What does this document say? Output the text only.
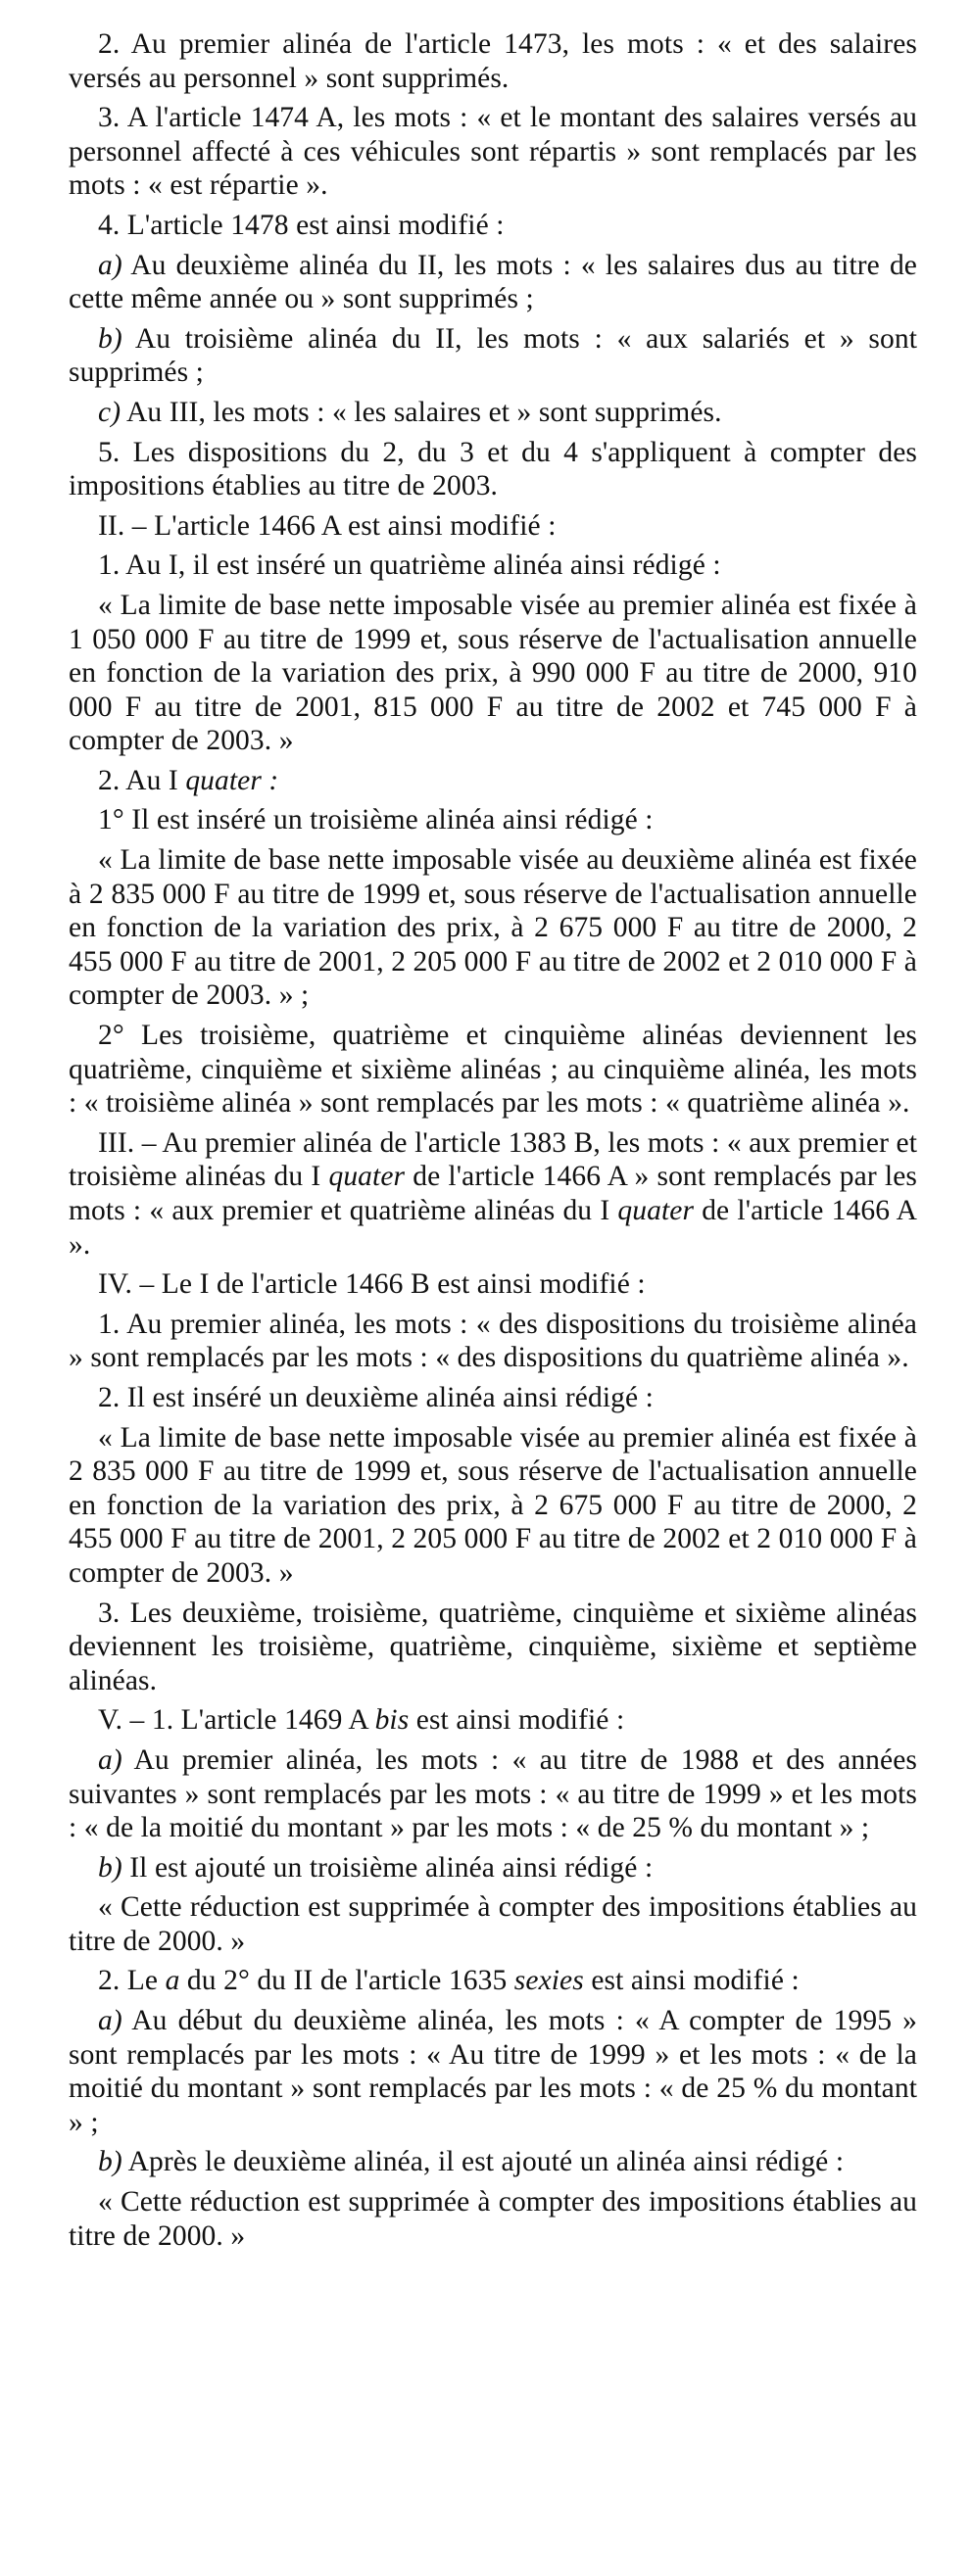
2. Au premier alinéa de l'article 1473, les mots : « et des salaires versés au personnel » sont supprimés.

3. A l'article 1474 A, les mots : « et le montant des salaires versés au personnel affecté à ces véhicules sont répartis » sont remplacés par les mots : « est répartie ».

4. L'article 1478 est ainsi modifié :

a) Au deuxième alinéa du II, les mots : « les salaires dus au titre de cette même année ou » sont supprimés ;

b) Au troisième alinéa du II, les mots : « aux salariés et » sont supprimés ;

c) Au III, les mots : « les salaires et » sont supprimés.

5. Les dispositions du 2, du 3 et du 4 s'appliquent à compter des impositions établies au titre de 2003.

II. – L'article 1466 A est ainsi modifié :

1. Au I, il est inséré un quatrième alinéa ainsi rédigé :

« La limite de base nette imposable visée au premier alinéa est fixée à 1 050 000 F au titre de 1999 et, sous réserve de l'actualisation annuelle en fonction de la variation des prix, à 990 000 F au titre de 2000, 910 000 F au titre de 2001, 815 000 F au titre de 2002 et 745 000 F à compter de 2003. »

2. Au I quater :

1° Il est inséré un troisième alinéa ainsi rédigé :

« La limite de base nette imposable visée au deuxième alinéa est fixée à 2 835 000 F au titre de 1999 et, sous réserve de l'actualisation annuelle en fonction de la variation des prix, à 2 675 000 F au titre de 2000, 2 455 000 F au titre de 2001, 2 205 000 F au titre de 2002 et 2 010 000 F à compter de 2003. » ;

2° Les troisième, quatrième et cinquième alinéas deviennent les quatrième, cinquième et sixième alinéas ; au cinquième alinéa, les mots : « troisième alinéa » sont remplacés par les mots : « quatrième alinéa ».

III. – Au premier alinéa de l'article 1383 B, les mots : « aux premier et troisième alinéas du I quater de l'article 1466 A » sont remplacés par les mots : « aux premier et quatrième alinéas du I quater de l'article 1466 A ».

IV. – Le I de l'article 1466 B est ainsi modifié :

1. Au premier alinéa, les mots : « des dispositions du troisième alinéa » sont remplacés par les mots : « des dispositions du quatrième alinéa ».

2. Il est inséré un deuxième alinéa ainsi rédigé :

« La limite de base nette imposable visée au premier alinéa est fixée à 2 835 000 F au titre de 1999 et, sous réserve de l'actualisation annuelle en fonction de la variation des prix, à 2 675 000 F au titre de 2000, 2 455 000 F au titre de 2001, 2 205 000 F au titre de 2002 et 2 010 000 F à compter de 2003. »

3. Les deuxième, troisième, quatrième, cinquième et sixième alinéas deviennent les troisième, quatrième, cinquième, sixième et septième alinéas.

V. – 1. L'article 1469 A bis est ainsi modifié :

a) Au premier alinéa, les mots : « au titre de 1988 et des années suivantes » sont remplacés par les mots : « au titre de 1999 » et les mots : « de la moitié du montant » par les mots : « de 25 % du montant » ;

b) Il est ajouté un troisième alinéa ainsi rédigé :

« Cette réduction est supprimée à compter des impositions établies au titre de 2000. »

2. Le a du 2° du II de l'article 1635 sexies est ainsi modifié :

a) Au début du deuxième alinéa, les mots : « A compter de 1995 » sont remplacés par les mots : « Au titre de 1999 » et les mots : « de la moitié du montant » sont remplacés par les mots : « de 25 % du montant » ;

b) Après le deuxième alinéa, il est ajouté un alinéa ainsi rédigé :

« Cette réduction est supprimée à compter des impositions établies au titre de 2000. »
